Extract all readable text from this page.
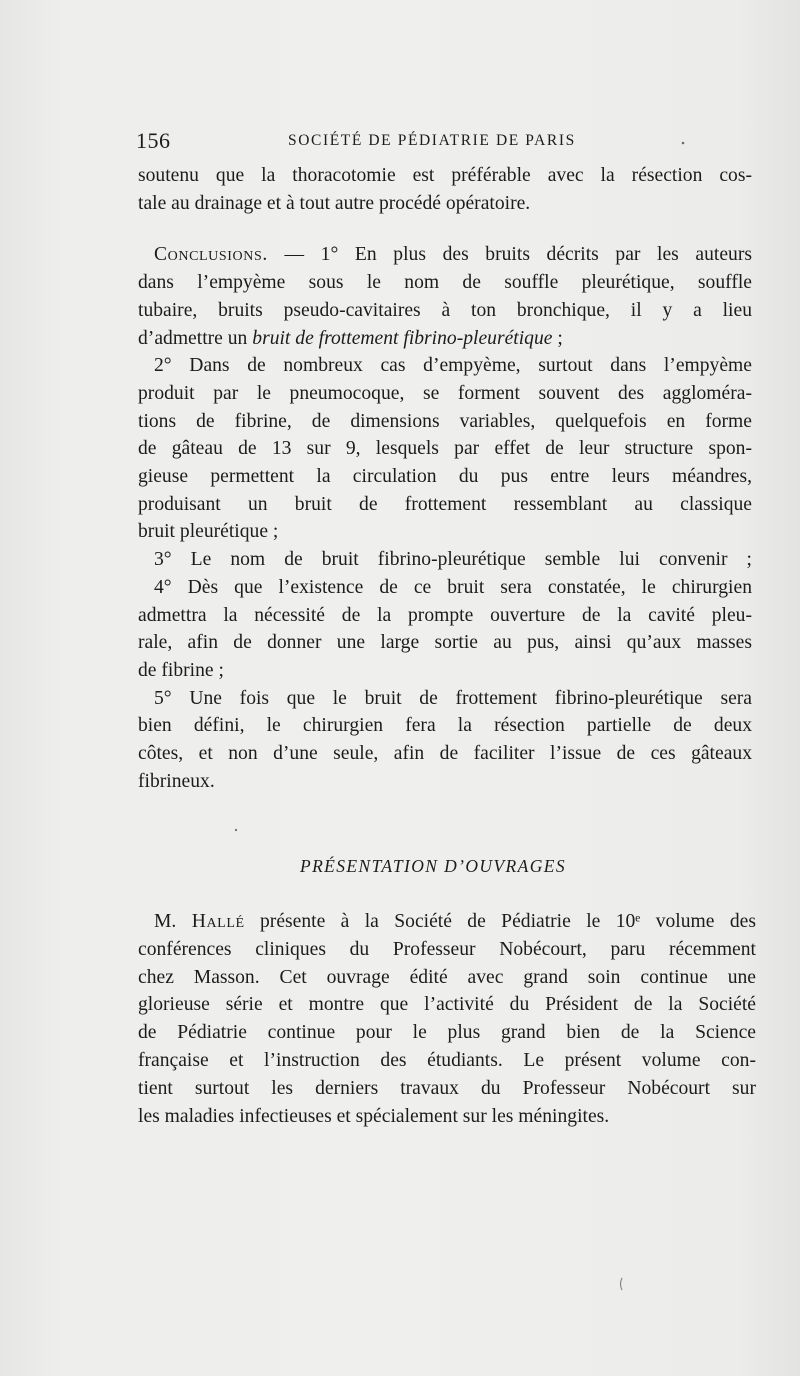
156	SOCIÉTÉ DE PÉDIATRIE DE PARIS
soutenu que la thoracotomie est préférable avec la résection cos-
tale au drainage et à tout autre procédé opératoire.
Conclusions. — 1° En plus des bruits décrits par les auteurs
dans l’empyème sous le nom de souffle pleurétique, souffle
tubaire, bruits pseudo-cavitaires à ton bronchique, il y a lieu
d’admettre un bruit de frottement fibrino-pleurétique ;
2° Dans de nombreux cas d’empyème, surtout dans l’empyème
produit par le pneumocoque, se forment souvent des aggloméra-
tions de fibrine, de dimensions variables, quelquefois en forme
de gâteau de 13 sur 9, lesquels par effet de leur structure spon-
gieuse permettent la circulation du pus entre leurs méandres,
produisant un bruit de frottement ressemblant au classique
bruit pleurétique ;
3° Le nom de bruit fibrino-pleurétique semble lui convenir ;
4° Dès que l’existence de ce bruit sera constatée, le chirurgien
admettra la nécessité de la prompte ouverture de la cavité pleu-
rale, afin de donner une large sortie au pus, ainsi qu’aux masses
de fibrine ;
5° Une fois que le bruit de frottement fibrino-pleurétique sera
bien défini, le chirurgien fera la résection partielle de deux
côtes, et non d’une seule, afin de faciliter l’issue de ces gâteaux
fibrineux.
PRÉSENTATION D’OUVRAGES
M. Hallé présente à la Société de Pédiatrie le 10ᵉ volume des
conférences cliniques du Professeur Nobécourt, paru récemment
chez Masson. Cet ouvrage édité avec grand soin continue une
glorieuse série et montre que l’activité du Président de la Société
de Pédiatrie continue pour le plus grand bien de la Science
française et l’instruction des étudiants. Le présent volume con-
tient surtout les derniers travaux du Professeur Nobécourt sur
les maladies infectieuses et spécialement sur les méningites.
